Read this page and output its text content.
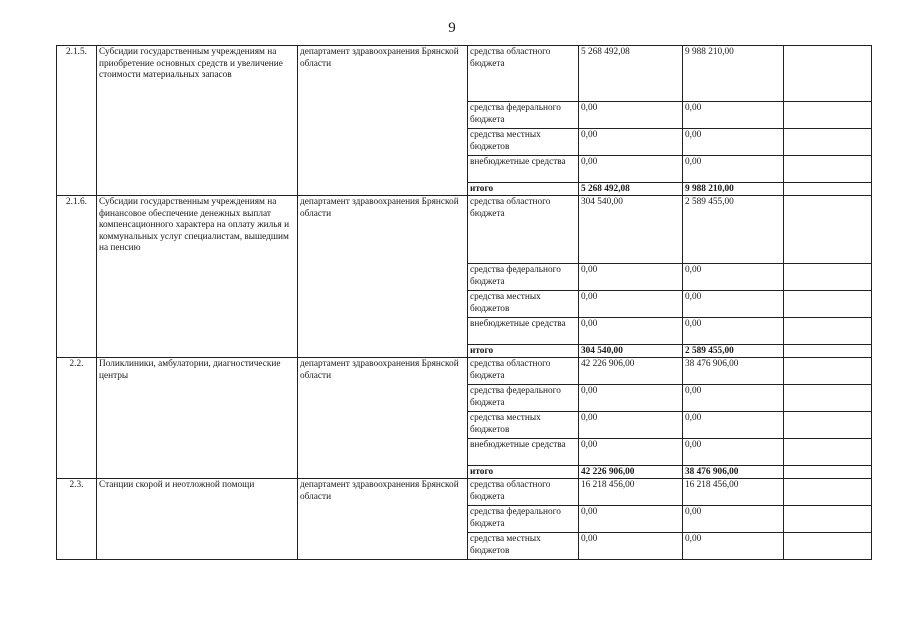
9
2.1.5.	Субсидии государственным учреждениям на приобретение основных средств и увеличение стоимости материальных запасов	департамент здравоохранения Брянской области	средства областного бюджета	5 268 492,08	9 988 210,00	
			средства федерального бюджета	0,00	0,00	
			средства местных бюджетов	0,00	0,00	
			внебюджетные средства	0,00	0,00	
			итого	5 268 492,08	9 988 210,00	
2.1.6.	Субсидии государственным учреждениям на финансовое обеспечение денежных выплат компенсационного характера на оплату жилья и коммунальных услуг специалистам, вышедшим на пенсию	департамент здравоохранения Брянской области	средства областного бюджета	304 540,00	2 589 455,00	
			средства федерального бюджета	0,00	0,00	
			средства местных бюджетов	0,00	0,00	
			внебюджетные средства	0,00	0,00	
			итого	304 540,00	2 589 455,00	
2.2.	Поликлиники, амбулатории, диагностические центры	департамент здравоохранения Брянской области	средства областного бюджета	42 226 906,00	38 476 906,00	
			средства федерального бюджета	0,00	0,00	
			средства местных бюджетов	0,00	0,00	
			внебюджетные средства	0,00	0,00	
			итого	42 226 906,00	38 476 906,00	
2.3.	Станции скорой и неотложной помощи	департамент здравоохранения Брянской области	средства областного бюджета	16 218 456,00	16 218 456,00	
			средства федерального бюджета	0,00	0,00	
			средства местных бюджетов	0,00	0,00	
